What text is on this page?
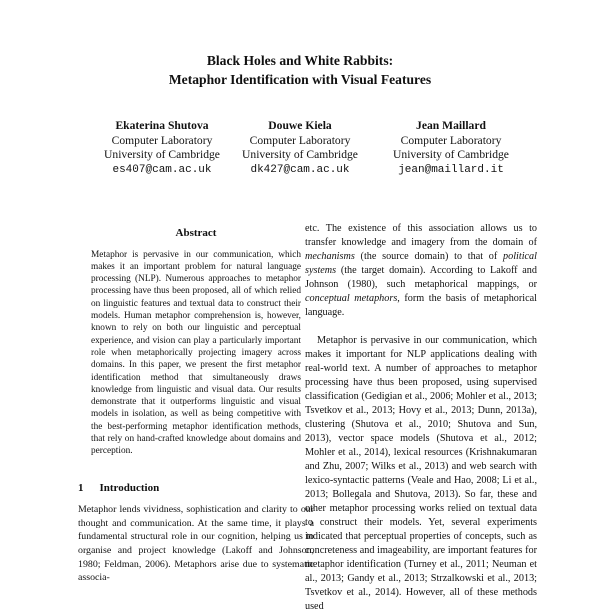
Black Holes and White Rabbits:
Metaphor Identification with Visual Features
Ekaterina Shutova
Computer Laboratory
University of Cambridge
es407@cam.ac.uk
Douwe Kiela
Computer Laboratory
University of Cambridge
dk427@cam.ac.uk
Jean Maillard
Computer Laboratory
University of Cambridge
jean@maillard.it
Abstract

Metaphor is pervasive in our communication, which makes it an important problem for natural language processing (NLP). Numerous approaches to metaphor processing have thus been proposed, all of which relied on linguistic features and textual data to construct their models. Human metaphor comprehension is, however, known to rely on both our linguistic and perceptual experience, and vision can play a particularly important role when metaphorically projecting imagery across domains. In this paper, we present the first metaphor identification method that simultaneously draws knowledge from linguistic and visual data. Our results demonstrate that it outperforms linguistic and visual models in isolation, as well as being competitive with the best-performing metaphor identification methods, that rely on hand-crafted knowledge about domains and perception.

1 Introduction

Metaphor lends vividness, sophistication and clarity to our thought and communication. At the same time, it plays a fundamental structural role in our cognition, helping us to organise and project knowledge (Lakoff and Johnson, 1980; Feldman, 2006). Metaphors arise due to systematic associa-

etc. The existence of this association allows us to transfer knowledge and imagery from the domain of mechanisms (the source domain) to that of political systems (the target domain). According to Lakoff and Johnson (1980), such metaphorical mappings, or conceptual metaphors, form the basis of metaphorical language.

Metaphor is pervasive in our communication, which makes it important for NLP applications dealing with real-world text. A number of approaches to metaphor processing have thus been proposed, using supervised classification (Gedigian et al., 2006; Mohler et al., 2013; Tsvetkov et al., 2013; Hovy et al., 2013; Dunn, 2013a), clustering (Shutova et al., 2010; Shutova and Sun, 2013), vector space models (Shutova et al., 2012; Mohler et al., 2014), lexical resources (Krishnakumaran and Zhu, 2007; Wilks et al., 2013) and web search with lexico-syntactic patterns (Veale and Hao, 2008; Li et al., 2013; Bollegala and Shutova, 2013). So far, these and other metaphor processing works relied on textual data to construct their models. Yet, several experiments indicated that perceptual properties of concepts, such as concreteness and imageability, are important features for metaphor identification (Turney et al., 2011; Neuman et al., 2013; Gandy et al., 2013; Strzalkowski et al., 2013; Tsvetkov et al., 2014). However, all of these methods used
